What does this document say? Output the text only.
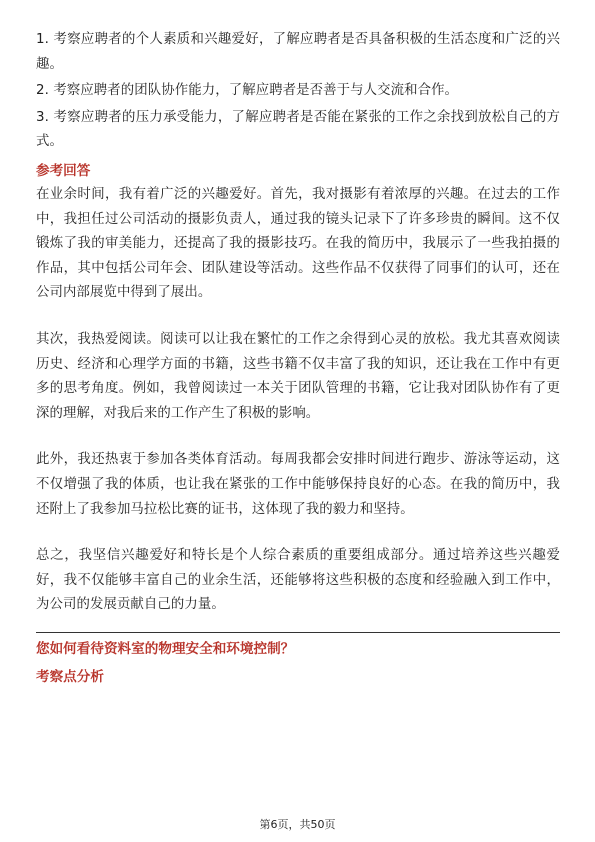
1. 考察应聘者的个人素质和兴趣爱好，了解应聘者是否具备积极的生活态度和广泛的兴趣。

2. 考察应聘者的团队协作能力，了解应聘者是否善于与人交流和合作。

3. 考察应聘者的压力承受能力，了解应聘者是否能在紧张的工作之余找到放松自己的方式。

参考回答

在业余时间，我有着广泛的兴趣爱好。首先，我对摄影有着浓厚的兴趣。在过去的工作中，我担任过公司活动的摄影负责人，通过我的镜头记录下了许多珍贵的瞬间。这不仅锻炼了我的审美能力，还提高了我的摄影技巧。在我的简历中，我展示了一些我拍摄的作品，其中包括公司年会、团队建设等活动。这些作品不仅获得了同事们的认可，还在公司内部展览中得到了展出。

其次，我热爱阅读。阅读可以让我在繁忙的工作之余得到心灵的放松。我尤其喜欢阅读历史、经济和心理学方面的书籍，这些书籍不仅丰富了我的知识，还让我在工作中有更多的思考角度。例如，我曾阅读过一本关于团队管理的书籍，它让我对团队协作有了更深的理解，对我后来的工作产生了积极的影响。

此外，我还热衷于参加各类体育活动。每周我都会安排时间进行跑步、游泳等运动，这不仅增强了我的体质，也让我在紧张的工作中能够保持良好的心态。在我的简历中，我还附上了我参加马拉松比赛的证书，这体现了我的毅力和坚持。

总之，我坚信兴趣爱好和特长是个人综合素质的重要组成部分。通过培养这些兴趣爱好，我不仅能够丰富自己的业余生活，还能够将这些积极的态度和经验融入到工作中，为公司的发展贡献自己的力量。

您如何看待资料室的物理安全和环境控制？

考察点分析

第6页，共50页
